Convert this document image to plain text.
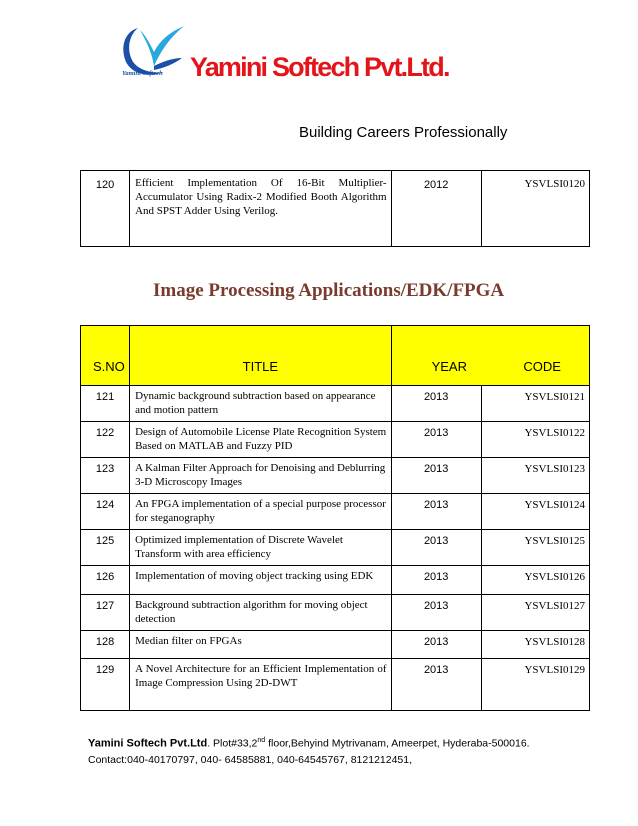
Yamini Softech Yamini Softech Pvt.Ltd.
Building Careers Professionally
120	Efficient Implementation Of 16-Bit Multiplier-Accumulator Using Radix-2 Modified Booth Algorithm And SPST Adder Using Verilog.	2012	YSVLSI0120
Image Processing Applications/EDK/FPGA
S.NO	TITLE	YEAR	CODE
121	Dynamic background subtraction based on appearance and motion pattern	2013	YSVLSI0121
122	Design of Automobile License Plate Recognition System Based on MATLAB and Fuzzy PID	2013	YSVLSI0122
123	A Kalman Filter Approach for Denoising and Deblurring 3-D Microscopy Images	2013	YSVLSI0123
124	An FPGA implementation of a special purpose processor for steganography	2013	YSVLSI0124
125	Optimized implementation of Discrete Wavelet Transform with area efficiency	2013	YSVLSI0125
126	Implementation of moving object tracking using EDK	2013	YSVLSI0126
127	Background subtraction algorithm for moving object detection	2013	YSVLSI0127
128	Median filter on FPGAs	2013	YSVLSI0128
129	A Novel Architecture for an Efficient Implementation of Image Compression Using 2D-DWT	2013	YSVLSI0129
Yamini Softech Pvt.Ltd. Plot#33,2nd floor,Behyind Mytrivanam, Ameerpet, Hyderaba-500016.
Contact:040-40170797, 040- 64585881, 040-64545767, 8121212451,
